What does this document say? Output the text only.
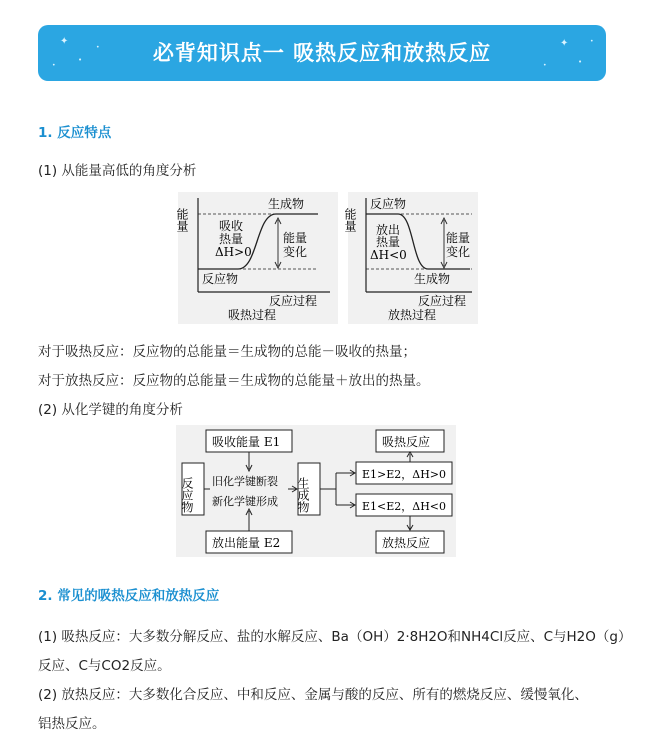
✦
•
•
•	✦
•
•
•
必背知识点一 吸热反应和放热反应
1. 反应特点
(1) 从能量高低的角度分析
能量
生成物
吸收
热量
ΔH>0
能量
变化
反应物
反应过程
吸热过程
能量
反应物
放出
热量
ΔH<0
能量
变化
生成物
反应过程
放热过程
对于吸热反应：反应物的总能量＝生成物的总能－吸收的热量；
对于放热反应：反应物的总能量＝生成物的总能量＋放出的热量。
(2) 从化学键的角度分析
吸收能量 E1
放出能量 E2
反应物	生成物
旧化学键断裂
新化学键形成
吸热反应
E1>E2，ΔH>0
E1<E2，ΔH<0
放热反应
2. 常见的吸热反应和放热反应
(1) 吸热反应：大多数分解反应、盐的水解反应、Ba（OH）2·8H2O和NH4Cl反应、C与H2O（g）
反应、C与CO2反应。
(2) 放热反应：大多数化合反应、中和反应、金属与酸的反应、所有的燃烧反应、缓慢氧化、
铝热反应。
